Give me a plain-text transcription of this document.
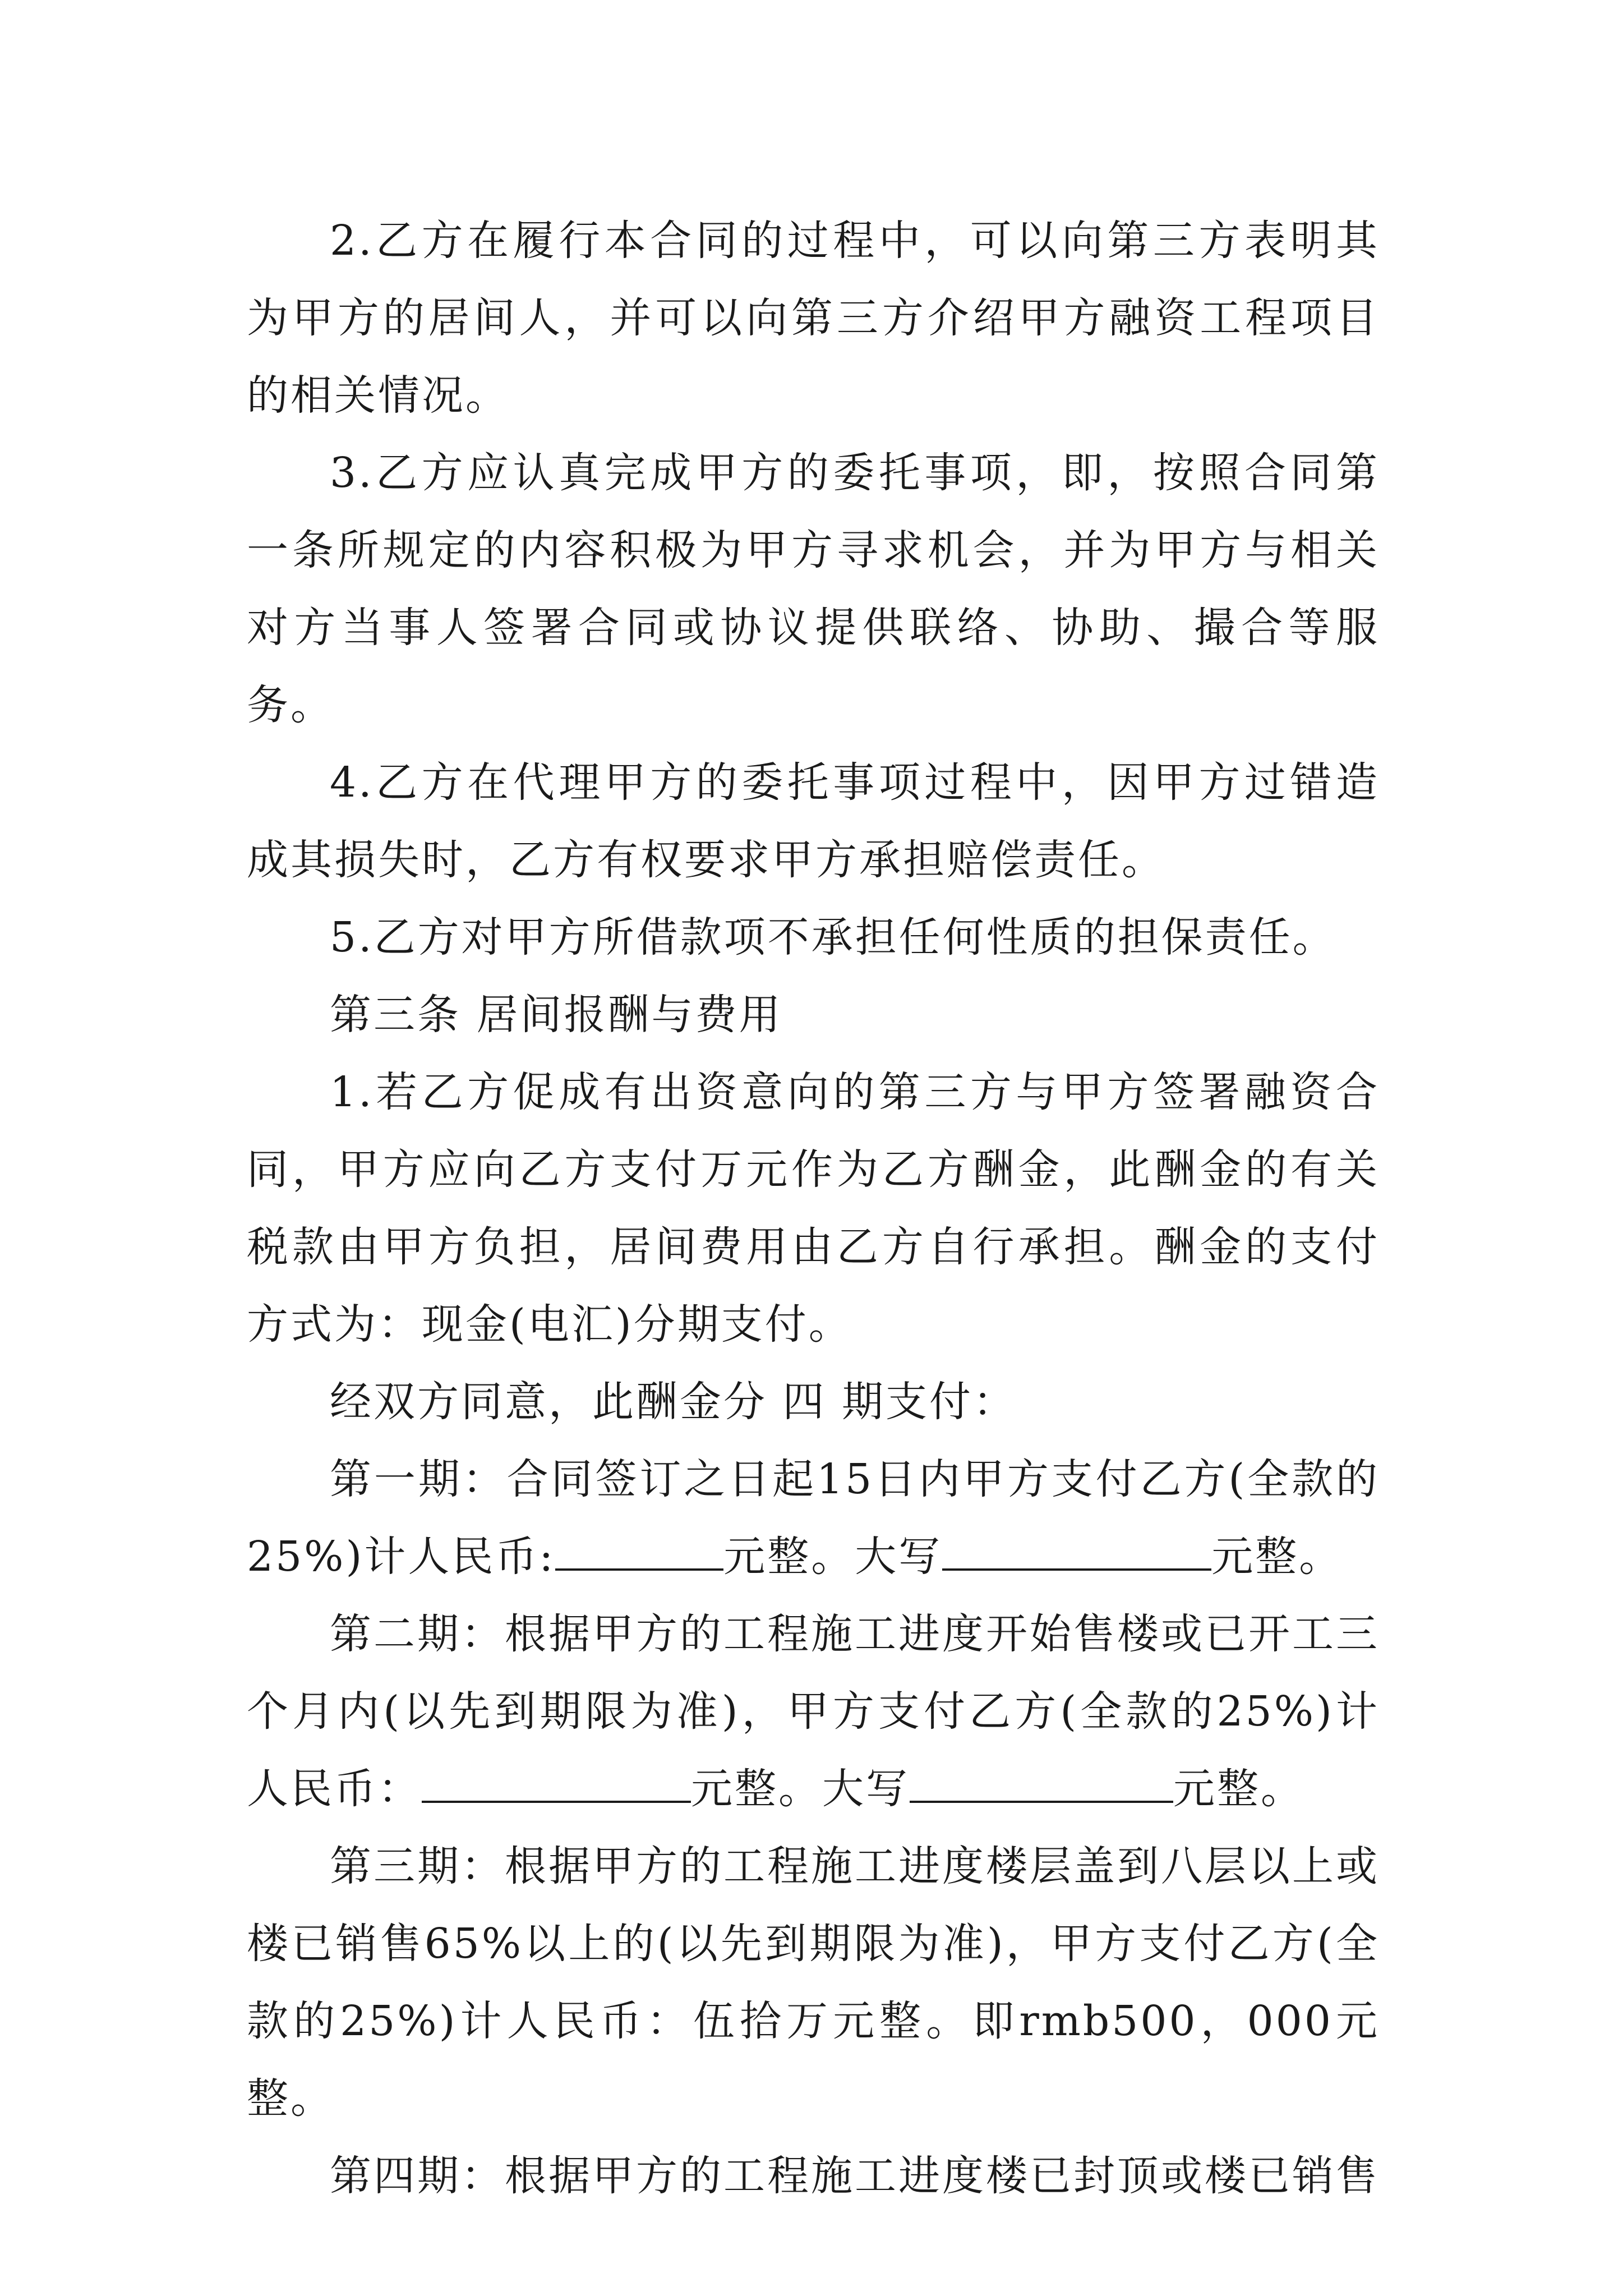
2.乙方在履行本合同的过程中，可以向第三方表明其为甲方的居间人，并可以向第三方介绍甲方融资工程项目的相关情况。

3.乙方应认真完成甲方的委托事项，即，按照合同第一条所规定的内容积极为甲方寻求机会，并为甲方与相关对方当事人签署合同或协议提供联络、协助、撮合等服务。

4.乙方在代理甲方的委托事项过程中，因甲方过错造成其损失时，乙方有权要求甲方承担赔偿责任。

5.乙方对甲方所借款项不承担任何性质的担保责任。

第三条 居间报酬与费用

1.若乙方促成有出资意向的第三方与甲方签署融资合同，甲方应向乙方支付万元作为乙方酬金，此酬金的有关税款由甲方负担，居间费用由乙方自行承担。酬金的支付方式为：现金(电汇)分期支付。

经双方同意，此酬金分 四 期支付：

第一期：合同签订之日起15日内甲方支付乙方(全款的25%)计人民币:	元整。大写	元整。

第二期：根据甲方的工程施工进度开始售楼或已开工三个月内(以先到期限为准)，甲方支付乙方(全款的25%)计人民币：	元整。大写	元整。

第三期：根据甲方的工程施工进度楼层盖到八层以上或楼已销售65%以上的(以先到期限为准)，甲方支付乙方(全款的25%)计人民币：伍拾万元整。即rmb500，000元整。

第四期：根据甲方的工程施工进度楼已封顶或楼已销售
